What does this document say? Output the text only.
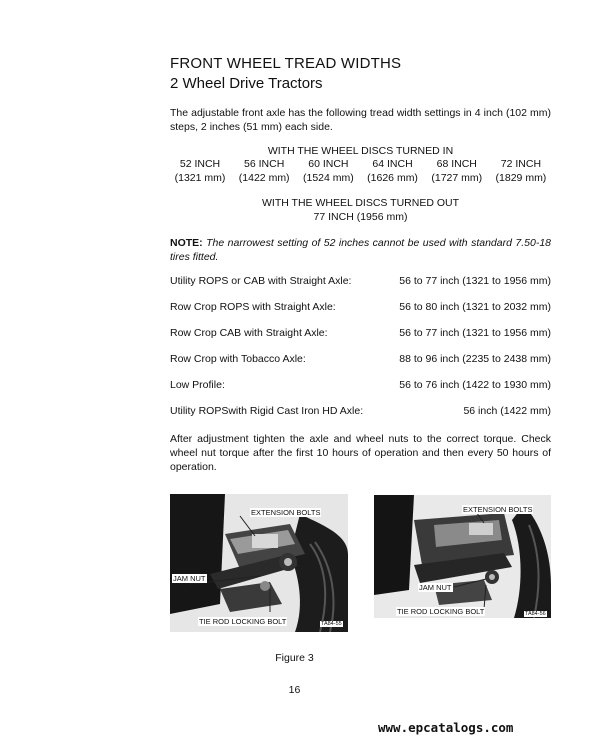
FRONT WHEEL TREAD WIDTHS
2 Wheel Drive Tractors
The adjustable front axle has the following tread width settings in 4 inch (102 mm) steps, 2 inches (51 mm) each side.
WITH THE WHEEL DISCS TURNED IN
52 INCH	56 INCH	60 INCH	64 INCH	68 INCH	72 INCH
(1321 mm)	(1422 mm)	(1524 mm)	(1626 mm)	(1727 mm)	(1829 mm)
WITH THE WHEEL DISCS TURNED OUT
77 INCH (1956 mm)
NOTE: The narrowest setting of 52 inches cannot be used with standard 7.50-18 tires fitted.
Utility ROPS or CAB with Straight Axle:	56 to 77 inch (1321 to 1956 mm)
Row Crop ROPS with Straight Axle:	56 to 80 inch (1321 to 2032 mm)
Row Crop CAB with Straight Axle:	56 to 77 inch (1321 to 1956 mm)
Row Crop with Tobacco Axle:	88 to 96 inch (2235 to 2438 mm)
Low Profile:	56 to 76 inch (1422 to 1930 mm)
Utility ROPSwith Rigid Cast Iron HD Axle:	56 inch (1422 mm)
After adjustment tighten the axle and wheel nuts to the correct torque. Check wheel nut torque after the first 10 hours of operation and then every 50 hours of operation.
EXTENSION BOLTS
JAM NUT
TIE ROD LOCKING BOLT	TA84-55
EXTENSION BOLTS
JAM NUT
TIE ROD LOCKING BOLT	TA84-56
Figure 3
16
www.epcatalogs.com
